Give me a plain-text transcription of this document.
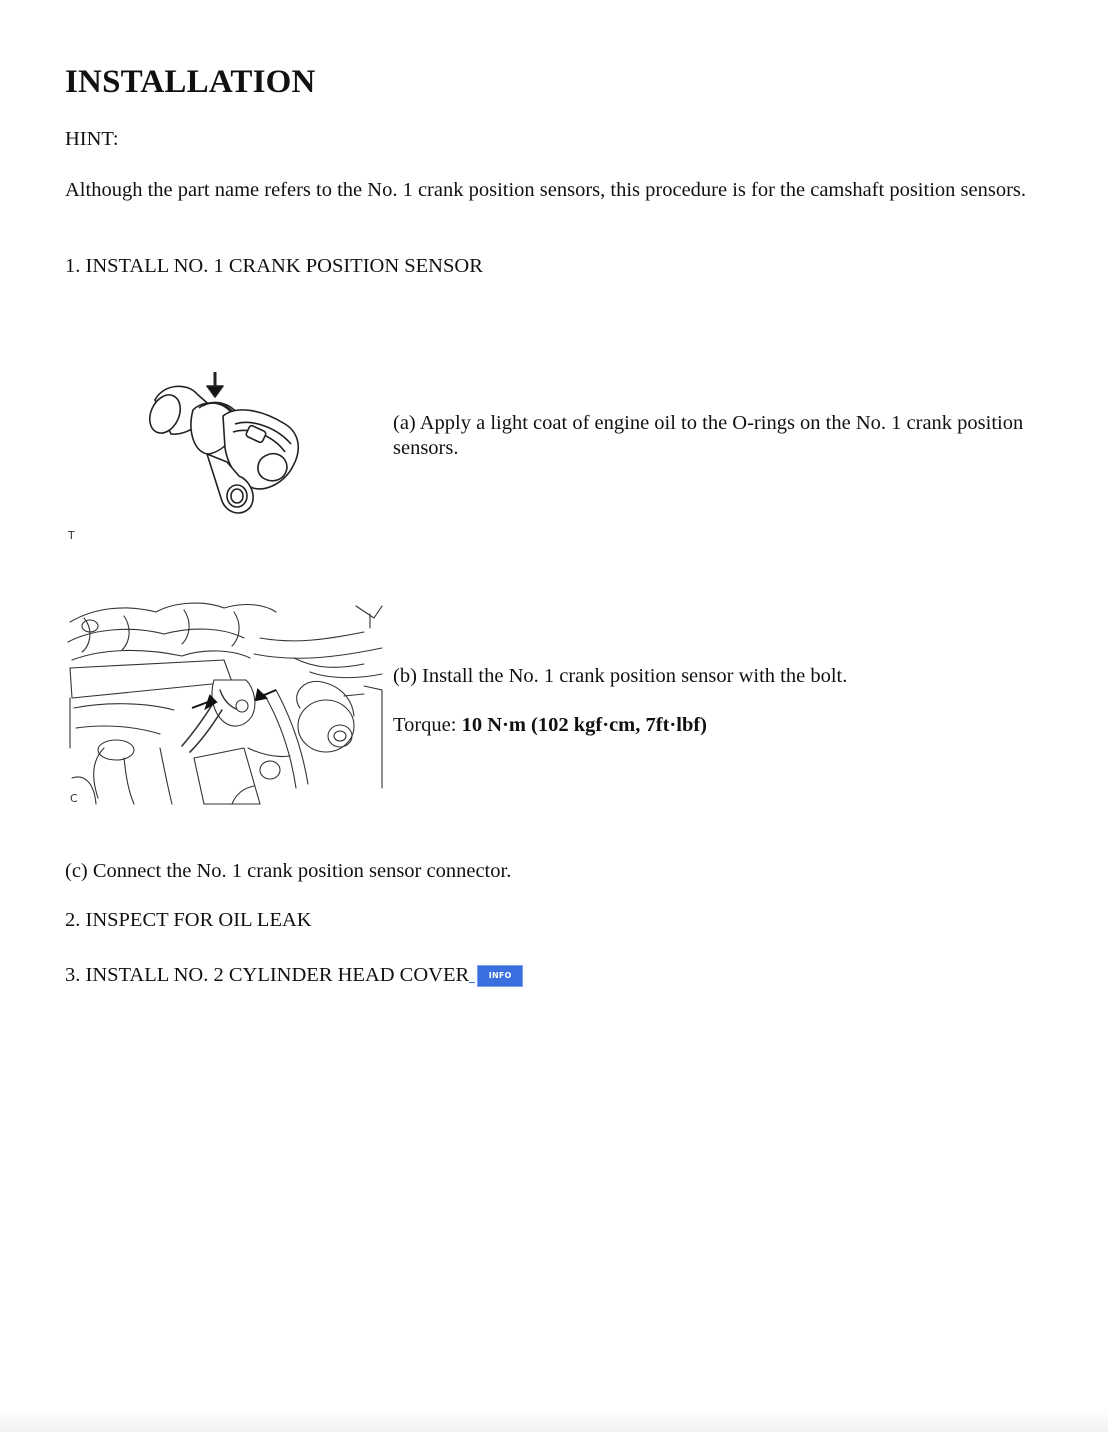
INSTALLATION

HINT:

Although the part name refers to the No. 1 crank position sensors, this procedure is for the camshaft position sensors.

1. INSTALL NO. 1 CRANK POSITION SENSOR

T

(a) Apply a light coat of engine oil to the O-rings on the No. 1 crank position sensors.

C

(b) Install the No. 1 crank position sensor with the bolt.

Torque: 10 N·m (102 kgf·cm, 7ft·lbf)

(c) Connect the No. 1 crank position sensor connector.

2. INSPECT FOR OIL LEAK

3. INSTALL NO. 2 CYLINDER HEAD COVER INFO
